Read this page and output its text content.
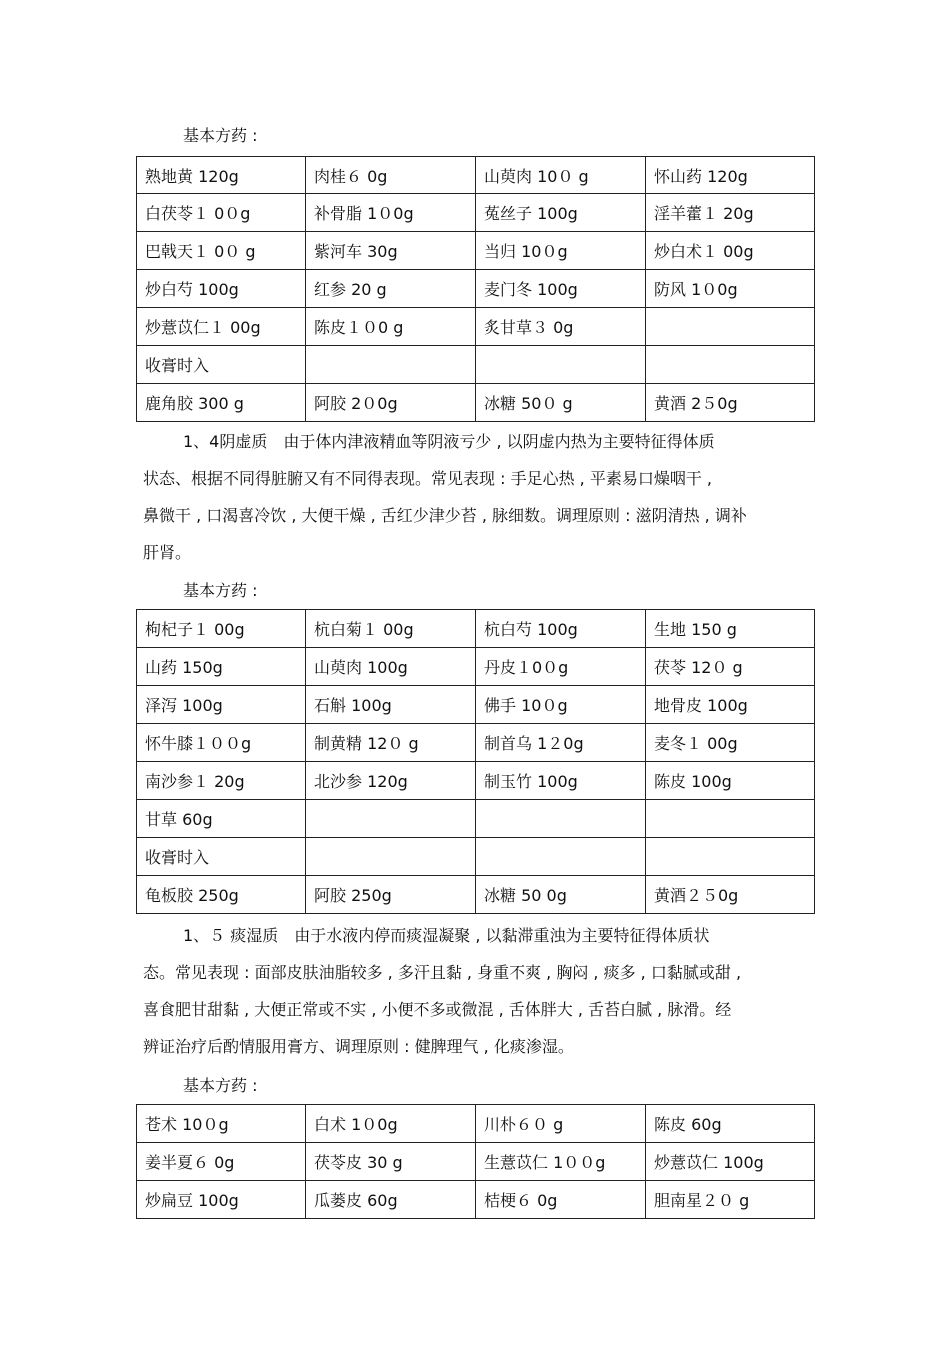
基本方药 :
熟地黄 120g	肉桂６ 0g	山萸肉 10０ g	怀山药 120g
白茯苓１ 0０g	补骨脂 1０0g	菟丝子 100g	淫羊藿１ 20g
巴戟天１ 0０ g	紫河车 30g	当归 10０g	炒白术１ 00g
炒白芍 100g	红参 20 g	麦门冬 100g	防风 1０0g
炒薏苡仁１ 00g	陈皮１０0 g	炙甘草３ 0g	
收膏时入			
鹿角胶 300 g	阿胶 2０0g	冰糖 50０ g	黄酒 2５0g
1、4阴虚质　由于体内津液精血等阴液亏少 , 以阴虚内热为主要特征得体质
状态、根据不同得脏腑又有不同得表现。常见表现 : 手足心热 , 平素易口燥咽干 ,
鼻微干 , 口渴喜冷饮 , 大便干燥 , 舌红少津少苔 , 脉细数。调理原则 : 滋阴清热 , 调补
肝肾。
基本方药 :
枸杞子１ 00g	杭白菊１ 00g	杭白芍 100g	生地 150 g
山药 150g	山萸肉 100g	丹皮１0０g	茯苓 12０ g
泽泻 100g	石斛 100g	佛手 10０g	地骨皮 100g
怀牛膝１００g	制黄精 12０ g	制首乌 1２0g	麦冬１ 00g
南沙参１ 20g	北沙参 120g	制玉竹 100g	陈皮 100g
甘草 60g			
收膏时入			
龟板胶 250g	阿胶 250g	冰糖 50 0g	黄酒２５0g
1、５ 痰湿质　由于水液内停而痰湿凝聚 , 以黏滞重浊为主要特征得体质状
态。常见表现 : 面部皮肤油脂较多 , 多汗且黏 , 身重不爽 , 胸闷 , 痰多 , 口黏腻或甜 ,
喜食肥甘甜黏 , 大便正常或不实 , 小便不多或微混 , 舌体胖大 , 舌苔白腻 , 脉滑。经
辨证治疗后酌情服用膏方、调理原则 : 健脾理气 , 化痰渗湿。
基本方药 :
苍术 10０g	白术 1０0g	川朴６０ g	陈皮 60g
姜半夏６ 0g	茯苓皮 30 g	生薏苡仁 1００g	炒薏苡仁 100g
炒扁豆 100g	瓜蒌皮 60g	桔梗６ 0g	胆南星２０ g
